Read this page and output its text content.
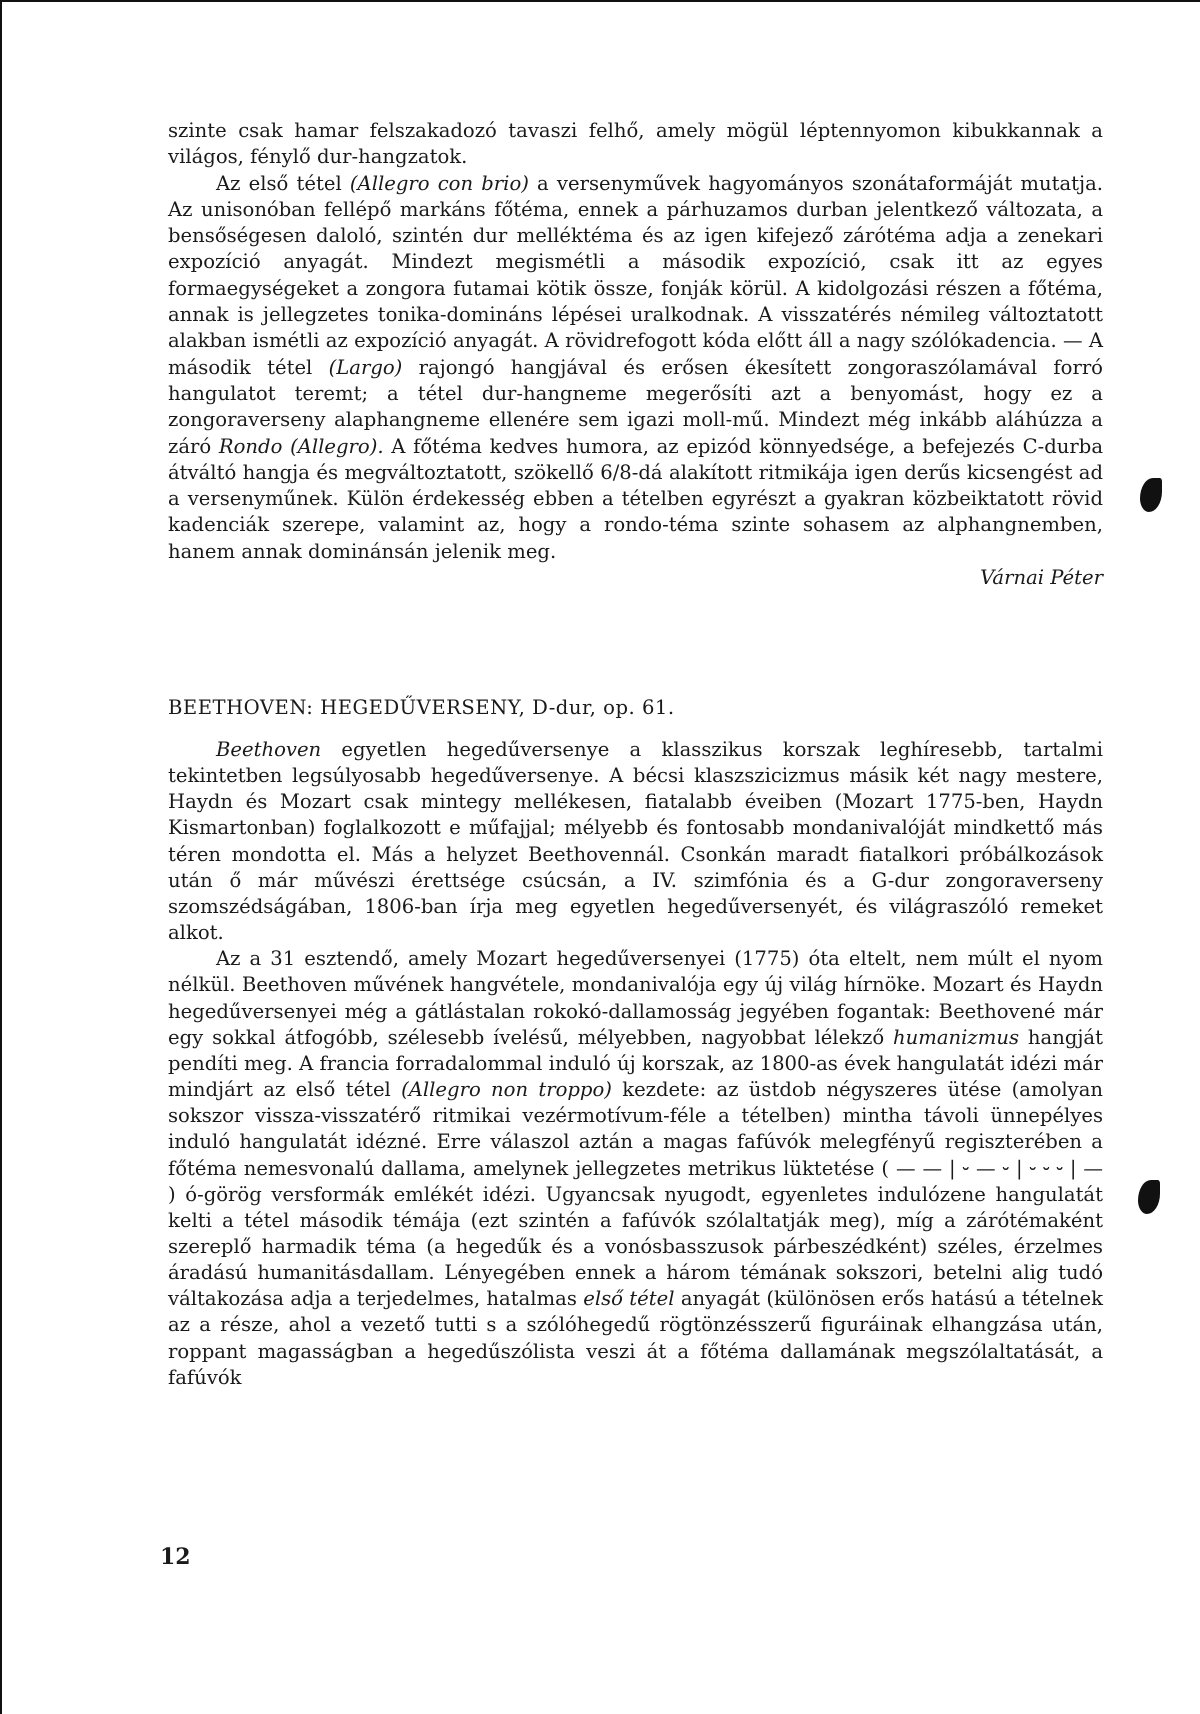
szinte csak hamar felszakadozó tavaszi felhő, amely mögül léptennyomon kibukkannak a világos, fénylő dur-hangzatok.

Az első tétel (Allegro con brio) a versenyművek hagyományos szonátaformáját mutatja. Az unisonóban fellépő markáns főtéma, ennek a párhuzamos durban jelentkező változata, a bensőségesen daloló, szintén dur melléktéma és az igen kifejező zárótéma adja a zenekari expozíció anyagát. Mindezt megismétli a második expozíció, csak itt az egyes formaegységeket a zongora futamai kötik össze, fonják körül. A kidolgozási részen a főtéma, annak is jellegzetes tonika-domináns lépései uralkodnak. A visszatérés némileg változtatott alakban ismétli az expozíció anyagát. A rövidrefogott kóda előtt áll a nagy szólókadencia. — A második tétel (Largo) rajongó hangjával és erősen ékesített zongoraszólamával forró hangulatot teremt; a tétel dur-hangneme megerősíti azt a benyomást, hogy ez a zongoraverseny alaphangneme ellenére sem igazi moll-mű. Mindezt még inkább aláhúzza a záró Rondo (Allegro). A főtéma kedves humora, az epizód könnyedsége, a befejezés C-durba átváltó hangja és megváltoztatott, szökellő 6/8-dá alakított ritmikája igen derűs kicsengést ad a versenyműnek. Külön érdekesség ebben a tételben egyrészt a gyakran közbeiktatott rövid kadenciák szerepe, valamint az, hogy a rondo-téma szinte sohasem az alphangnemben, hanem annak dominánsán jelenik meg.
Várnai Péter

BEETHOVEN: HEGEDŰVERSENY, D-dur, op. 61.

Beethoven egyetlen hegedűversenye a klasszikus korszak leghíresebb, tartalmi tekintetben legsúlyosabb hegedűversenye. A bécsi klaszszicizmus másik két nagy mestere, Haydn és Mozart csak mintegy mellékesen, fiatalabb éveiben (Mozart 1775-ben, Haydn Kismartonban) foglalkozott e műfajjal; mélyebb és fontosabb mondanivalóját mindkettő más téren mondotta el. Más a helyzet Beethovennál. Csonkán maradt fiatalkori próbálkozások után ő már művészi érettsége csúcsán, a IV. szimfónia és a G-dur zongoraverseny szomszédságában, 1806-ban írja meg egyetlen hegedűversenyét, és világraszóló remeket alkot.

Az a 31 esztendő, amely Mozart hegedűversenyei (1775) óta eltelt, nem múlt el nyom nélkül. Beethoven művének hangvétele, mondanivalója egy új világ hírnöke. Mozart és Haydn hegedűversenyei még a gátlástalan rokokó-dallamosság jegyében fogantak: Beethovené már egy sokkal átfogóbb, szélesebb ívelésű, mélyebben, nagyobbat lélekző humanizmus hangját pendíti meg. A francia forradalommal induló új korszak, az 1800-as évek hangulatát idézi már mindjárt az első tétel (Allegro non troppo) kezdete: az üstdob négyszeres ütése (amolyan sokszor vissza-visszatérő ritmikai vezérmotívum-féle a tételben) mintha távoli ünnepélyes induló hangulatát idézné. Erre válaszol aztán a magas fafúvók melegfényű regiszterében a főtéma nemesvonalú dallama, amelynek jellegzetes metrikus lüktetése ( — — | ⏑ — ⏑ | ⏑ ⏑ ⏑ | — ) ó-görög versformák emlékét idézi. Ugyancsak nyugodt, egyenletes indulózene hangulatát kelti a tétel második témája (ezt szintén a fafúvók szólaltatják meg), míg a zárótémaként szereplő harmadik téma (a hegedűk és a vonósbasszusok párbeszédként) széles, érzelmes áradású humanitásdallam. Lényegében ennek a három témának sokszori, betelni alig tudó váltakozása adja a terjedelmes, hatalmas első tétel anyagát (különösen erős hatású a tételnek az a része, ahol a vezető tutti s a szólóhegedű rögtönzésszerű figuráinak elhangzása után, roppant magasságban a hegedűszólista veszi át a főtéma dallamának megszólaltatását, a fafúvók

12
